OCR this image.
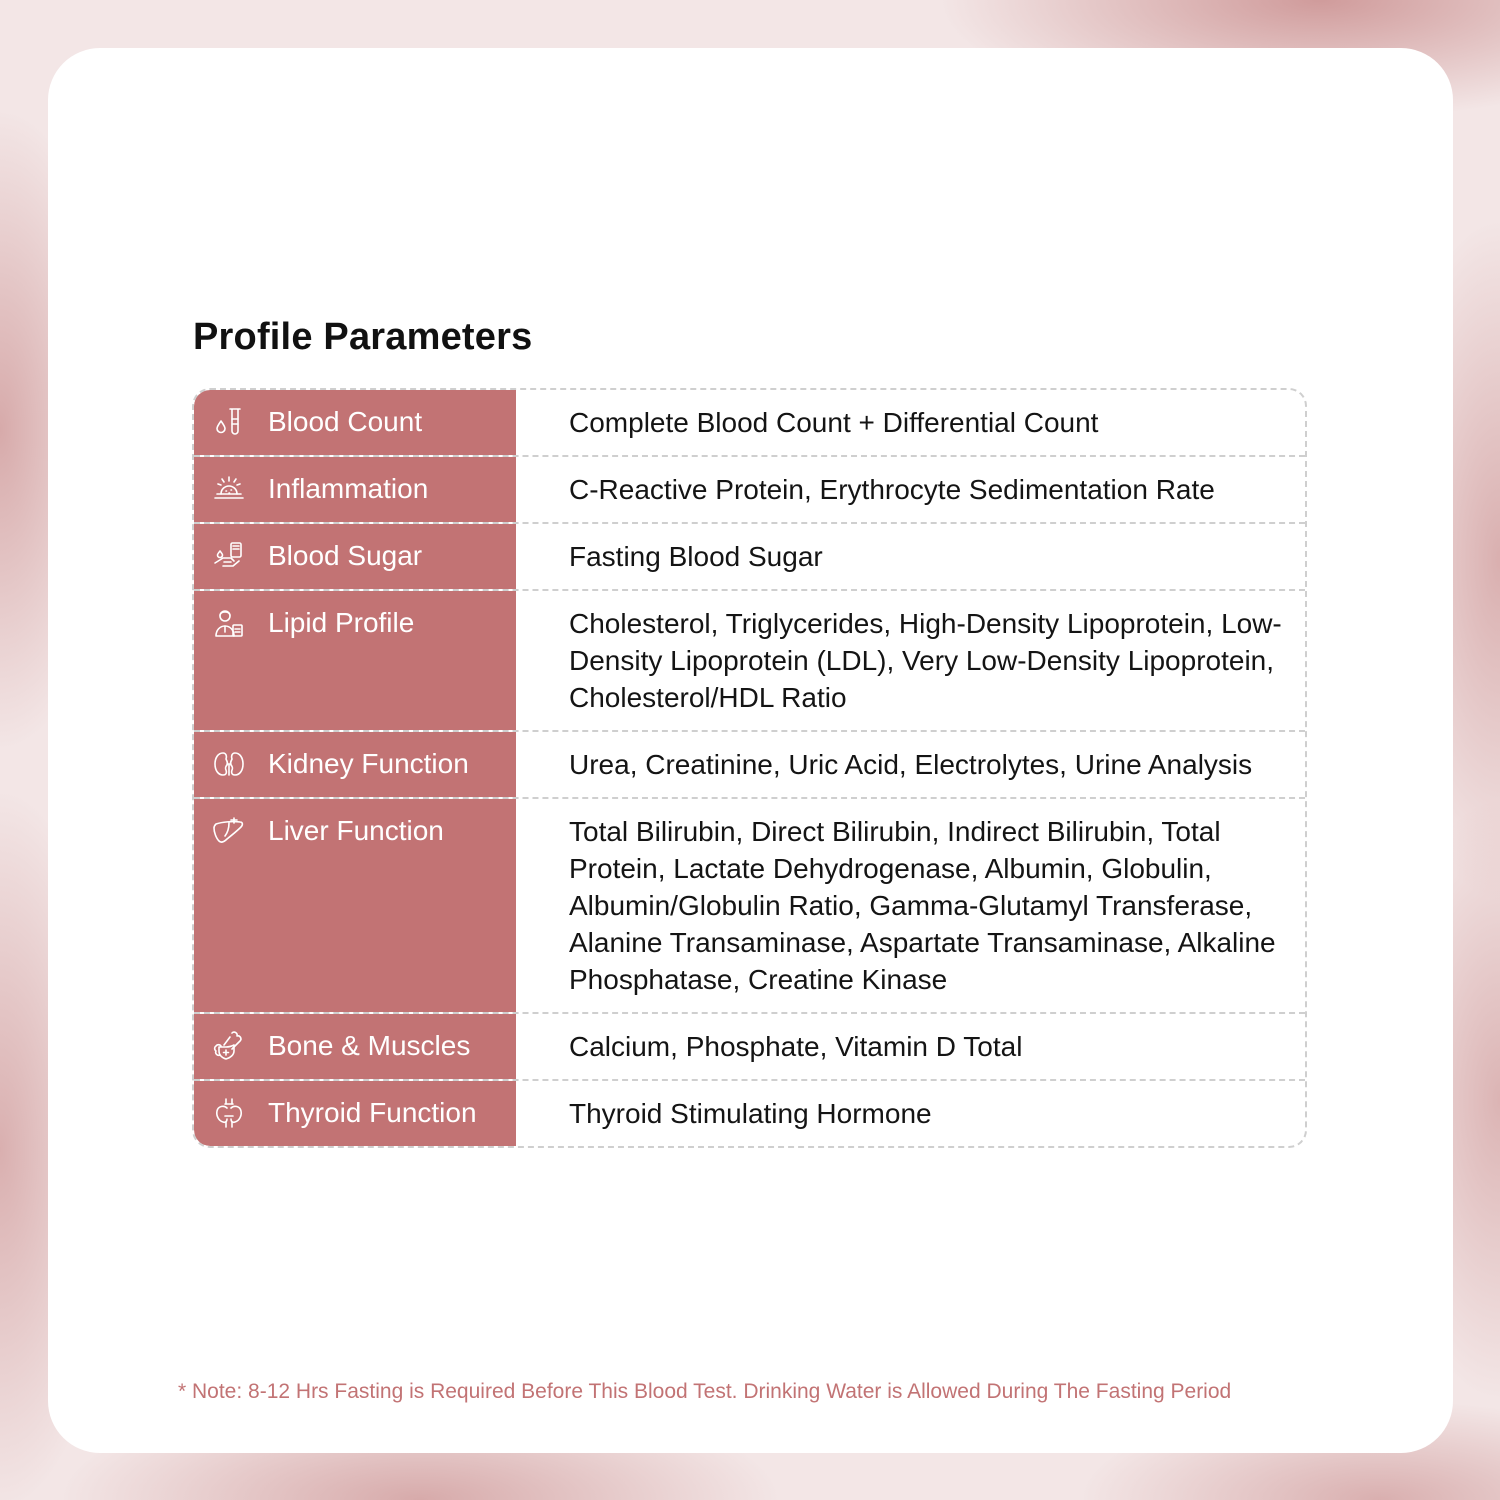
Profile Parameters
Blood Count	Complete Blood Count + Differential Count
Inflammation	C-Reactive Protein, Erythrocyte Sedimentation Rate
Blood Sugar	Fasting Blood Sugar
Lipid Profile	Cholesterol, Triglycerides, High-Density Lipoprotein, Low-Density Lipoprotein (LDL), Very Low-Density Lipoprotein, Cholesterol/HDL Ratio
Kidney Function	Urea, Creatinine, Uric Acid, Electrolytes, Urine Analysis
Liver Function	Total Bilirubin, Direct Bilirubin, Indirect Bilirubin, Total Protein, Lactate Dehydrogenase, Albumin, Globulin, Albumin/Globulin Ratio, Gamma-Glutamyl Transferase, Alanine Transaminase, Aspartate Transaminase, Alkaline Phosphatase, Creatine Kinase
Bone & Muscles	Calcium, Phosphate, Vitamin D Total
Thyroid Function	Thyroid Stimulating Hormone

* Note: 8-12 Hrs Fasting is Required Before This Blood Test. Drinking Water is Allowed During The Fasting Period
